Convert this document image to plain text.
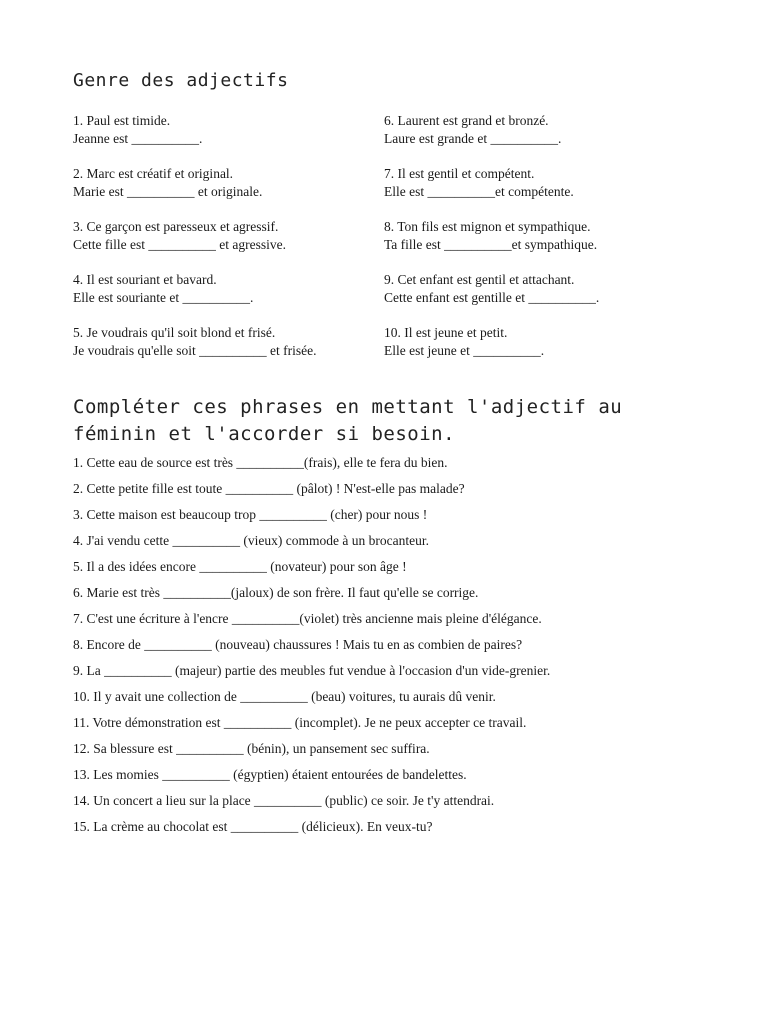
Genre des adjectifs
1. Paul est timide.
Jeanne est __________.
6. Laurent est grand et bronzé.
Laure est grande et __________.
2. Marc est créatif et original.
Marie est __________ et originale.
7. Il est gentil et compétent.
Elle est __________et compétente.
3. Ce garçon est paresseux et agressif.
Cette fille est __________ et agressive.
8. Ton fils est mignon et sympathique.
Ta fille est __________et sympathique.
4. Il est souriant et bavard.
Elle est souriante et __________.
9. Cet enfant est gentil et attachant.
Cette enfant est gentille et __________.
5. Je voudrais qu'il soit blond et frisé.
Je voudrais qu'elle soit __________ et frisée.
10. Il est jeune et petit.
Elle est jeune et __________.
Compléter ces phrases en mettant l'adjectif au féminin et l'accorder si besoin.
1. Cette eau de source est très __________(frais), elle te fera du bien.
2. Cette petite fille est toute __________ (pâlot) ! N'est-elle pas malade?
3. Cette maison est beaucoup trop __________ (cher) pour nous !
4. J'ai vendu cette __________ (vieux) commode à un brocanteur.
5. Il a des idées encore __________ (novateur) pour son âge !
6. Marie est très __________(jaloux) de son frère. Il faut qu'elle se corrige.
7. C'est une écriture à l'encre __________(violet) très ancienne mais pleine d'élégance.
8. Encore de __________ (nouveau) chaussures ! Mais tu en as combien de paires?
9. La __________ (majeur) partie des meubles fut vendue à l'occasion d'un vide-grenier.
10. Il y avait une collection de __________ (beau) voitures, tu aurais dû venir.
11. Votre démonstration est __________ (incomplet). Je ne peux accepter ce travail.
12. Sa blessure est __________ (bénin), un pansement sec suffira.
13. Les momies __________ (égyptien) étaient entourées de bandelettes.
14. Un concert a lieu sur la place __________ (public) ce soir. Je t'y attendrai.
15. La crème au chocolat est __________ (délicieux). En veux-tu?
